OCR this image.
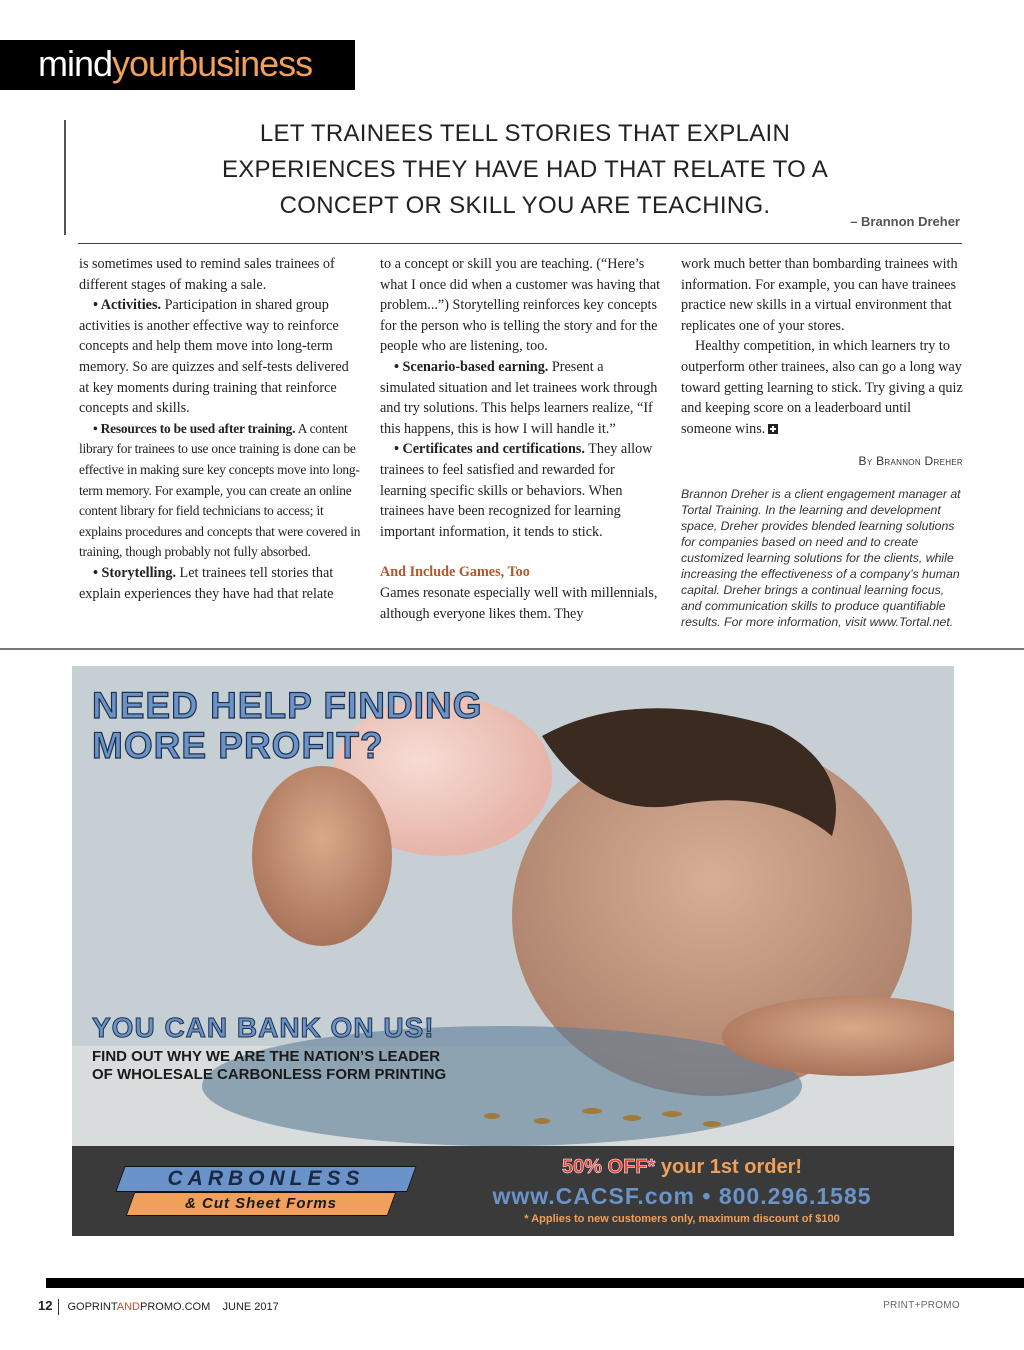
mindyourbusiness
LET TRAINEES TELL STORIES THAT EXPLAIN
EXPERIENCES THEY HAVE HAD THAT RELATE TO A
CONCEPT OR SKILL YOU ARE TEACHING.
– Brannon Dreher

is sometimes used to remind sales trainees of different stages of making a sale.

• Activities. Participation in shared group activities is another effective way to reinforce concepts and help them move into long-term memory. So are quizzes and self-tests delivered at key moments during training that reinforce concepts and skills.

• Resources to be used after training. A content library for trainees to use once training is done can be effective in making sure key concepts move into long-term memory. For example, you can create an online content library for field technicians to access; it explains procedures and concepts that were covered in training, though probably not fully absorbed.

• Storytelling. Let trainees tell stories that explain experiences they have had that relate

to a concept or skill you are teaching. (“Here’s what I once did when a customer was having that problem...”) Storytelling reinforces key concepts for the person who is telling the story and for the people who are listening, too.

• Scenario-based earning. Present a simulated situation and let trainees work through and try solutions. This helps learners realize, “If this happens, this is how I will handle it.”

• Certificates and certifications. They allow trainees to feel satisfied and rewarded for learning specific skills or behaviors. When trainees have been recognized for learning important information, it tends to stick.

And Include Games, Too

Games resonate especially well with millennials, although everyone likes them. They

work much better than bombarding trainees with information. For example, you can have trainees practice new skills in a virtual environment that replicates one of your stores.

Healthy competition, in which learners try to outperform other trainees, also can go a long way toward getting learning to stick. Try giving a quiz and keeping score on a leaderboard until someone wins.

By Brannon Dreher

Brannon Dreher is a client engagement manager at Tortal Training. In the learning and development space, Dreher provides blended learning solutions for companies based on need and to create customized learning solutions for the clients, while increasing the effectiveness of a company’s human capital. Dreher brings a continual learning focus, and communication skills to produce quantifiable results. For more information, visit www.Tortal.net.

NEED HELP FINDING
MORE PROFIT?
YOU CAN BANK ON US!
FIND OUT WHY WE ARE THE NATION’S LEADER
OF WHOLESALE CARBONLESS FORM PRINTING
CARBONLESS
& Cut Sheet Forms
50% OFF* your 1st order!
www.CACSF.com • 800.296.1585
* Applies to new customers only, maximum discount of $100
12 GOPRINTANDPROMO.COM JUNE 2017	PRINT+PROMO
